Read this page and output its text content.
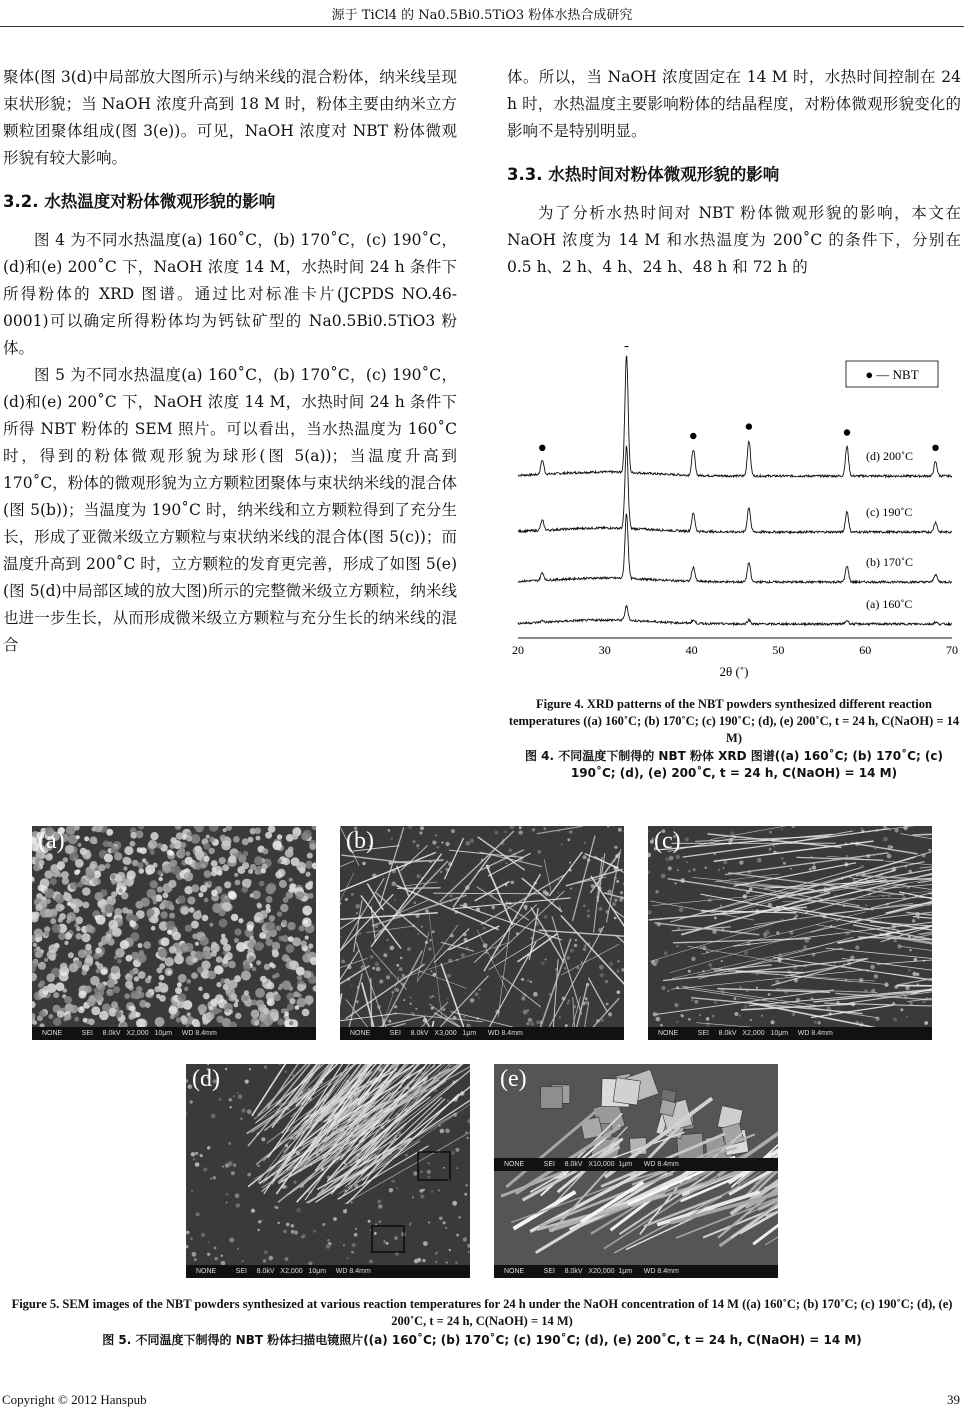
源于 TiCl4 的 Na0.5Bi0.5TiO3 粉体水热合成研究

聚体(图 3(d)中局部放大图所示)与纳米线的混合粉体，纳米线呈现束状形貌；当 NaOH 浓度升高到 18 M 时，粉体主要由纳米立方颗粒团聚体组成(图 3(e))。可见，NaOH 浓度对 NBT 粉体微观形貌有较大影响。

3.2. 水热温度对粉体微观形貌的影响

图 4 为不同水热温度(a) 160˚C，(b) 170˚C，(c) 190˚C，(d)和(e) 200˚C 下，NaOH 浓度 14 M，水热时间 24 h 条件下所得粉体的 XRD 图谱。通过比对标准卡片(JCPDS NO.46-0001)可以确定所得粉体均为钙钛矿型的 Na0.5Bi0.5TiO3 粉体。

图 5 为不同水热温度(a) 160˚C，(b) 170˚C，(c) 190˚C，(d)和(e) 200˚C 下，NaOH 浓度 14 M，水热时间 24 h 条件下所得 NBT 粉体的 SEM 照片。可以看出，当水热温度为 160˚C 时，得到的粉体微观形貌为球形(图 5(a))；当温度升高到 170˚C，粉体的微观形貌为立方颗粒团聚体与束状纳米线的混合体(图 5(b))；当温度为 190˚C 时，纳米线和立方颗粒得到了充分生长，形成了亚微米级立方颗粒与束状纳米线的混合体(图 5(c))；而温度升高到 200˚C 时，立方颗粒的发育更完善，形成了如图 5(e)(图 5(d)中局部区域的放大图)所示的完整微米级立方颗粒，纳米线也进一步生长，从而形成微米级立方颗粒与充分生长的纳米线的混合

体。所以，当 NaOH 浓度固定在 14 M 时，水热时间控制在 24 h 时，水热温度主要影响粉体的结晶程度，对粉体微观形貌变化的影响不是特别明显。

3.3. 水热时间对粉体微观形貌的影响

为了分析水热时间对 NBT 粉体微观形貌的影响，本文在 NaOH 浓度为 14 M 和水热温度为 200˚C 的条件下，分别在 0.5 h、2 h、4 h、24 h、48 h 和 72 h 的

(d) 200˚C
(c) 190˚C
(b) 170˚C
(a) 160˚C
20	30	40	50	60	70
● — NBT
2θ (˚)
Figure 4. XRD patterns of the NBT powders synthesized different reaction temperatures ((a) 160˚C; (b) 170˚C; (c) 190˚C; (d), (e) 200˚C, t = 24 h, C(NaOH) = 14 M)
图 4. 不同温度下制得的 NBT 粉体 XRD 图谱((a) 160˚C; (b) 170˚C; (c) 190˚C; (d), (e) 200˚C, t = 24 h, C(NaOH) = 14 M)
(a)
NONE          SEI     8.0kV   X2,000   10μm     WD 8.4mm
(b)
NONE          SEI     8.0kV   X3,000   1μm      WD 8.4mm
(c)
NONE          SEI     8.0kV   X2,000   10μm     WD 8.4mm
(d)
NONE          SEI     8.0kV   X2,000   10μm     WD 8.4mm
(e)
NONE          SEI     8.0kV   X10,000  1μm      WD 8.4mm
NONE          SEI     8.0kV   X20,000  1μm      WD 8.4mm
Figure 5. SEM images of the NBT powders synthesized at various reaction temperatures for 24 h under the NaOH concentration of 14 M ((a) 160˚C; (b) 170˚C; (c) 190˚C; (d), (e) 200˚C, t = 24 h, C(NaOH) = 14 M)
图 5. 不同温度下制得的 NBT 粉体扫描电镜照片((a) 160˚C; (b) 170˚C; (c) 190˚C; (d), (e) 200˚C, t = 24 h, C(NaOH) = 14 M)
Copyright © 2012 Hanspub	39
